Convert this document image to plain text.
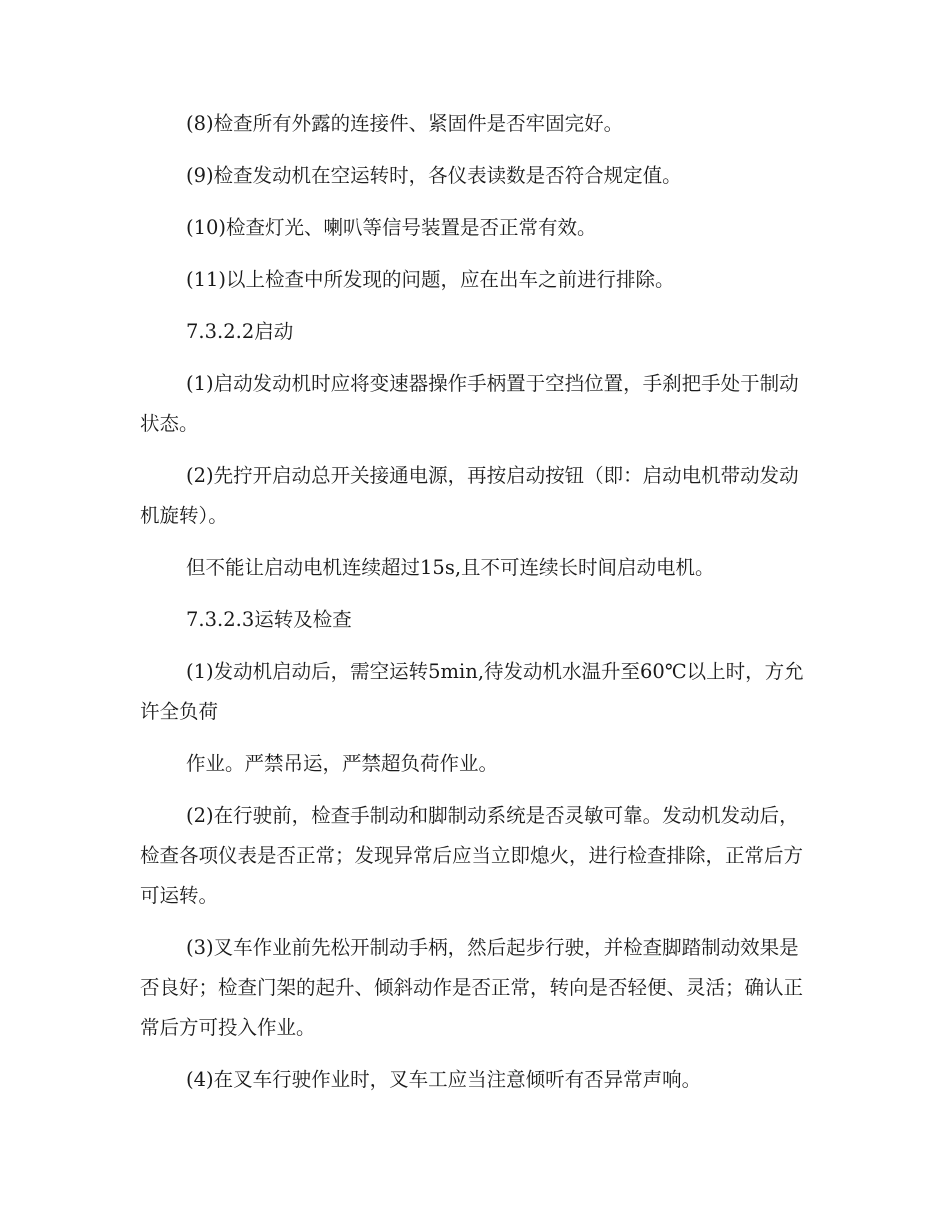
(8)检查所有外露的连接件、紧固件是否牢固完好。

(9)检查发动机在空运转时，各仪表读数是否符合规定值。

(10)检查灯光、喇叭等信号装置是否正常有效。

(11)以上检查中所发现的问题，应在出车之前进行排除。

7.3.2.2启动

(1)启动发动机时应将变速器操作手柄置于空挡位置，手刹把手处于制动状态。

(2)先拧开启动总开关接通电源，再按启动按钮（即：启动电机带动发动机旋转）。

但不能让启动电机连续超过15s,且不可连续长时间启动电机。

7.3.2.3运转及检查

(1)发动机启动后，需空运转5min,待发动机水温升至60℃以上时，方允许全负荷

作业。严禁吊运，严禁超负荷作业。

(2)在行驶前，检查手制动和脚制动系统是否灵敏可靠。发动机发动后，检查各项仪表是否正常；发现异常后应当立即熄火，进行检查排除，正常后方可运转。

(3)叉车作业前先松开制动手柄，然后起步行驶，并检查脚踏制动效果是否良好；检查门架的起升、倾斜动作是否正常，转向是否轻便、灵活；确认正常后方可投入作业。

(4)在叉车行驶作业时，叉车工应当注意倾听有否异常声响。
